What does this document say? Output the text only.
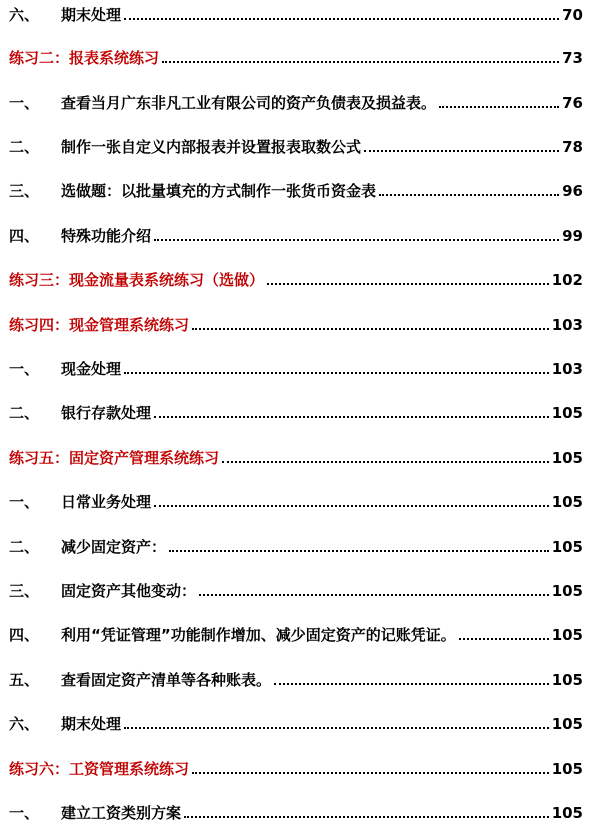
六、	期末处理	70
练习二：报表系统练习	73
一、	查看当月广东非凡工业有限公司的资产负债表及损益表。	76
二、	制作一张自定义内部报表并设置报表取数公式	78
三、	选做题：以批量填充的方式制作一张货币资金表	96
四、	特殊功能介绍	99
练习三：现金流量表系统练习（选做）	102
练习四：现金管理系统练习	103
一、	现金处理	103
二、	银行存款处理	105
练习五：固定资产管理系统练习	105
一、	日常业务处理	105
二、	减少固定资产：	105
三、	固定资产其他变动：	105
四、	利用“凭证管理”功能制作增加、减少固定资产的记账凭证。	105
五、	查看固定资产清单等各种账表。	105
六、	期末处理	105
练习六：工资管理系统练习	105
一、	建立工资类别方案	105
